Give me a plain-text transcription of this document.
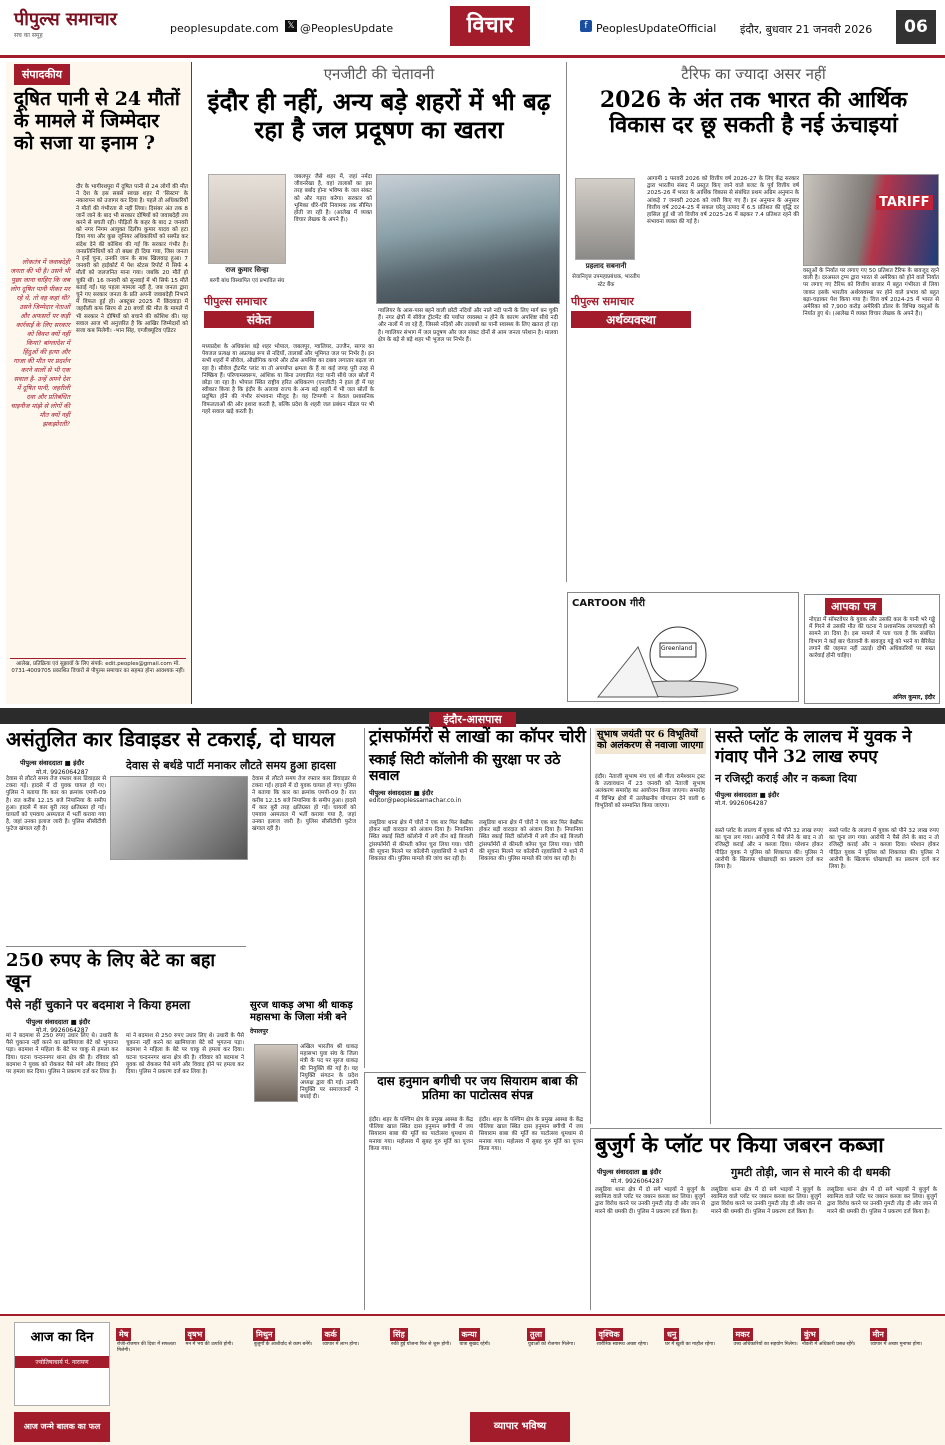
पीपुल्स समाचार
सच का समूह
peoplesupdate.com 𝕏 @PeoplesUpdate	विचार	f PeoplesUpdateOfficial इंदौर, बुधवार 21 जनवरी 2026	06
संपादकीय
दूषित पानी से 24 मौतों के मामले में जिम्मेदार को सजा या इनाम ?
लोकतंत्र में जवाबदेही जनता की भी है। उसने भी पूछा जाना चाहिए कि जब लोग दूषित पानी पीकर मर रहे थे, तो वह कहां थी? उसने जिम्मेदार नेताओं और अफसरों पर कड़ी कार्रवाई के लिए सरकार को विवश क्यों नहीं किया? बांग्लादेश में हिंदुओं की हत्या और गाजा की मौत पर प्रदर्शन करने वालों से भी एक सवाल है- उन्हें अपने देश में दूषित पानी, जहरीली दवा और प्रतिबंधित चाइनीज मांझे से लोगों की मौत क्यों नहीं झकझोरती?
दौर के भागीरथपुरा में दूषित पानी से 24 लोगों की मौत ने देश के इस सबसे स्वच्छ शहर में 'सिस्टम' के नकारापन को उजागर कर दिया है। पहले तो अधिकारियों ने मौतों की गंभीरता से नहीं लिया। दिसंबर अंत तक 8 जानें जाने के बाद भी सरकार दोषियों को जवाबदेही तय करने से बचती रही। पीड़ितों के कहर के बाद 2 जनवरी को नगर निगम आयुक्त दिलीप कुमार यादव को हटा दिया गया और कुछ जूनियर अधिकारियों को सस्पेंड कर संदेश देने की कोशिश की गई कि सरकार गंभीर है। जनप्रतिनिधियों को तो बख्श ही दिया गया, जिस जनता ने इन्हें चुना, उनकी जान के साथ खिलवाड़ हुआ। 7 जनवरी को हाईकोर्ट में पेश स्टेटस रिपोर्ट में सिर्फ 4 मौतों को जलजनित माना गया। जबकि 20 मौतें हो चुकी थीं। 16 जनवरी को सुनवाई में भी सिर्फ 15 मौतें बताई गईं। यह पहला मामला नहीं है, जब जनता द्वारा चुने गए सरकार जनता के प्रति अपनी जवाबदेही निभाने में विफल हुई हो। अक्टूबर 2025 में छिंदवाड़ा में जहरीली कफ सिरप से 20 बच्चों की मौत के मामले में भी सरकार ने दोषियों को बचाने की कोशिश की। यह सवाल आज भी अनुत्तरित है कि आखिर जिम्मेदारों को सजा कब मिलेगी। -भान सिंह, एग्जीक्यूटिव एडिटर
आलेख, प्रतिक्रिया एवं सुझावों के लिए संपर्क: edit.peoples@gmail.com मो. 0731-4009705 प्रकाशित विचारों से पीपुल्स समाचार का सहमत होना आवश्यक नहीं।
एनजीटी की चेतावनी
इंदौर ही नहीं, अन्य बड़े शहरों में भी बढ़ रहा है जल प्रदूषण का खतरा
राज कुमार सिन्हा
बरगी बांध विस्थापित एवं प्रभावित संघ
पीपुल्स समाचार
संकेत
मध्यप्रदेश के अधिकांश बड़े शहर भोपाल, जबलपुर, ग्वालियर, उज्जैन, सागर का पेयजल प्रत्यक्ष या अप्रत्यक्ष रूप से नदियों, तालाबों और भूमिगत जल पर निर्भर है। इन सभी शहरों में सीवेज, औद्योगिक कचरे और ठोस अपशिष्ट का दबाव लगातार बढ़ता जा रहा है। सीवेज ट्रीटमेंट प्लांट या तो अपर्याप्त क्षमता के हैं या कई जगह पूरी तरह से निष्क्रिय हैं। परिणामस्वरूप, आंशिक या बिना उपचारित गंदा पानी सीधे जल स्रोतों में छोड़ा जा रहा है। भोपाल स्थित राष्ट्रीय हरित अधिकरण (एनजीटी) ने हाल ही में यह स्वीकार किया है कि इंदौर के अलावा राज्य के अन्य बड़े शहरों में भी जल स्रोतों के प्रदूषित होने की गंभीर संभावना मौजूद है। यह टिप्पणी न केवल प्रशासनिक विफलताओं की ओर इशारा करती है, बल्कि प्रदेश के शहरी जल प्रबंधन मॉडल पर भी गहरे सवाल खड़े करती है।
जबलपुर जैसे शहर में, जहां नर्मदा जीवनरेखा है, वहां तालाबों का इस तरह बर्बाद होना भविष्य के जल संकट को और गहरा करेगा। सरकार को भूमिका धीरे-धीरे नियामक तक सीमित होती जा रही है। (आलेख में व्यक्त विचार लेखक के अपने हैं।)
ग्वालियर के आस-पास बहने वाली छोटी नदियों और नाले नदी पानी के लिए मार्ग बन चुकी हैं। नगर क्षेत्रों में सीवेज ट्रीटमेंट की पर्याप्त व्यवस्था न होने के कारण अपशिष्ट सीधे नदी और नालों में जा रहे हैं, जिससे नदियों और तालाबों का पानी स्वास्थ्य के लिए खतरा हो रहा है। ग्वालियर संभाग में जल प्रदूषण और जल संकट दोनों से आम जनता परेशान है। मालवा क्षेत्र के बड़े से बड़े शहर भी भूजल पर निर्भर हैं।
टैरिफ का ज्यादा असर नहीं
2026 के अंत तक भारत की आर्थिक विकास दर छू सकती है नई ऊंचाइयां
प्रहलाद सबनानी
सेवानिवृत्त उपमहाप्रबंधक, भारतीय स्टेट बैंक
पीपुल्स समाचार
अर्थव्यवस्था
आगामी 1 फरवरी 2026 को वित्तीय वर्ष 2026-27 के लिए केंद्र सरकार द्वारा भारतीय संसद में प्रस्तुत किए जाने वाले बजट के पूर्व वित्तीय वर्ष 2025-26 में भारत के आर्थिक विकास से संबंधित प्रथम अग्रिम अनुमान के आंकड़े 7 जनवरी 2026 को जारी किए गए हैं। इन अनुमान के अनुसार वित्तीय वर्ष 2024-25 में सकल घरेलू उत्पाद में 6.5 प्रतिशत की वृद्धि दर हासिल हुई थी जो वित्तीय वर्ष 2025-26 में बढ़कर 7.4 प्रतिशत रहने की संभावना व्यक्त की गई है।
TARIFF
वस्तुओं के निर्यात पर लगाए गए 50 प्रतिशत टैरिफ के बावजूद रहने वाली है। दरअसल ट्रम्प द्वारा भारत से अमेरिका को होने वाले निर्यात पर लगाए गए टैरिफ को वित्तीय बाजार में बहुत गंभीरता से लिया जाकर इसके भारतीय अर्थव्यवस्था पर होने वाले प्रभाव को बहुत बढ़ा-चढ़ाकर पेश किया गया है। वित्त वर्ष 2024-25 में भारत से अमेरिका को 7,900 करोड़ अमेरिकी डॉलर के विभिन्न वस्तुओं के निर्यात हुए थे। (आलेख में व्यक्त विचार लेखक के अपने हैं।)
CARTOON गीरी
Greenland
आपका पत्र
नोएडा में सॉफ्टवेयर के युवक और उसकी कार के पानी भरे गड्ढे में गिरने से उसकी मौत की घटना ने प्रशासनिक लापरवाही को सामने ला दिया है। इस मामले में पता चला है कि संबंधित विभाग ने कई बार चेतावनी के बावजूद गड्ढे को भरने या बैरिकेड लगाने की जहमत नहीं उठाई। दोषी अधिकारियों पर सख्त कार्रवाई होनी चाहिए।
अनिल कुमार, इंदौर
इंदौर-आसपास
असंतुलित कार डिवाइडर से टकराई, दो घायल
देवास से बर्थडे पार्टी मनाकर लौटते समय हुआ हादसा
पीपुल्स संवाददाता ■ इंदौर
मो.नं. 9926064287
देवास से लौटते समय तेज रफ्तार कार डिवाइडर से टकरा गई। हादसे में दो युवक घायल हो गए। पुलिस ने बताया कि कार का क्रमांक एमपी-09 है। रात करीब 12.15 बजे निपानिया के समीप हुआ। हादसे में कार बुरी तरह क्षतिग्रस्त हो गई। घायलों को एमवाय अस्पताल में भर्ती कराया गया है, जहां उनका इलाज जारी है। पुलिस सीसीटीवी फुटेज खंगाल रही है।
देवास से लौटते समय तेज रफ्तार कार डिवाइडर से टकरा गई। हादसे में दो युवक घायल हो गए। पुलिस ने बताया कि कार का क्रमांक एमपी-09 है। रात करीब 12.15 बजे निपानिया के समीप हुआ। हादसे में कार बुरी तरह क्षतिग्रस्त हो गई। घायलों को एमवाय अस्पताल में भर्ती कराया गया है, जहां उनका इलाज जारी है। पुलिस सीसीटीवी फुटेज खंगाल रही है।
250 रुपए के लिए बेटे का बहा खून
पैसे नहीं चुकाने पर बदमाश ने किया हमला
पीपुल्स संवाददाता ■ इंदौर
मो.नं. 9926064287
मां ने बदमाश से 250 रुपए उधार लिए थे। उधारी के पैसे चुकाना नहीं करने का खामियाजा बेटे को भुगतना पड़ा। बदमाश ने महिला के बेटे पर चाकू से हमला कर दिया। घटना चन्दननगर थाना क्षेत्र की है। रविवार को बदमाश ने युवक को रोककर पैसे मांगे और विवाद होने पर हमला कर दिया। पुलिस ने प्रकरण दर्ज कर लिया है।
मां ने बदमाश से 250 रुपए उधार लिए थे। उधारी के पैसे चुकाना नहीं करने का खामियाजा बेटे को भुगतना पड़ा। बदमाश ने महिला के बेटे पर चाकू से हमला कर दिया। घटना चन्दननगर थाना क्षेत्र की है। रविवार को बदमाश ने युवक को रोककर पैसे मांगे और विवाद होने पर हमला कर दिया। पुलिस ने प्रकरण दर्ज कर लिया है।
सुरज धाकड़ अभा श्री धाकड़ महासभा के जिला मंत्री बने
देपालपुर
अखिल भारतीय श्री धाकड़ महासभा युवा संघ के जिला मंत्री के पद पर सुरज धाकड़ की नियुक्ति की गई है। यह नियुक्ति संगठन के प्रदेश अध्यक्ष द्वारा की गई। उनकी नियुक्ति पर समाजजनों ने बधाई दी।
ट्रांसफॉर्मरों से लाखों का कॉपर चोरी
स्काई सिटी कॉलोनी की सुरक्षा पर उठे सवाल
पीपुल्स संवाददाता ■ इंदौर
editor@peoplessamachar.co.in
लसूडिया थाना क्षेत्र में चोरों ने एक बार फिर बेखौफ होकर बड़ी वारदात को अंजाम दिया है। निपानिया स्थित स्काई सिटी कॉलोनी में लगे तीन बड़े बिजली ट्रांसफॉर्मरों से कीमती कॉपर चुरा लिया गया। चोरी की सूचना मिलने पर कॉलोनी रहवासियों ने थाने में शिकायत की। पुलिस मामले की जांच कर रही है।
लसूडिया थाना क्षेत्र में चोरों ने एक बार फिर बेखौफ होकर बड़ी वारदात को अंजाम दिया है। निपानिया स्थित स्काई सिटी कॉलोनी में लगे तीन बड़े बिजली ट्रांसफॉर्मरों से कीमती कॉपर चुरा लिया गया। चोरी की सूचना मिलने पर कॉलोनी रहवासियों ने थाने में शिकायत की। पुलिस मामले की जांच कर रही है।
दास हनुमान बगीची पर जय सियाराम बाबा की प्रतिमा का पाटोत्सव संपन्न
इंदौर। शहर के पश्चिम क्षेत्र के प्रमुख आस्था के केंद्र पीलिया खाल स्थित दास हनुमान बगीची में जय सियाराम बाबा की मूर्ति का पाटोत्सव धूमधाम से मनाया गया। महोत्सव में सुबह गुरु मूर्ति का पूजन किया गया।
इंदौर। शहर के पश्चिम क्षेत्र के प्रमुख आस्था के केंद्र पीलिया खाल स्थित दास हनुमान बगीची में जय सियाराम बाबा की मूर्ति का पाटोत्सव धूमधाम से मनाया गया। महोत्सव में सुबह गुरु मूर्ति का पूजन किया गया।
सुभाष जयंती पर 6 विभूतियों को अलंकरण से नवाजा जाएगा
इंदौर। नेताजी सुभाष मंच एवं श्री गीता रामेश्वरम ट्रस्ट के तत्वावधान में 23 जनवरी को नेताजी सुभाष अलंकरण समारोह का आयोजन किया जाएगा। समारोह में विभिन्न क्षेत्रों में उल्लेखनीय योगदान देने वाली 6 विभूतियों को सम्मानित किया जाएगा।
सस्ते प्लॉट के लालच में युवक ने गंवाए पौने 32 लाख रुपए
न रजिस्ट्री कराई और न कब्जा दिया
पीपुल्स संवाददाता ■ इंदौर
मो.नं. 9926064287
सस्ते प्लॉट के लालच में युवक को पौने 32 लाख रुपए का चूना लग गया। आरोपी ने पैसे लेने के बाद न तो रजिस्ट्री कराई और न कब्जा दिया। परेशान होकर पीड़ित युवक ने पुलिस को शिकायत की। पुलिस ने आरोपी के खिलाफ धोखाधड़ी का प्रकरण दर्ज कर लिया है।
सस्ते प्लॉट के लालच में युवक को पौने 32 लाख रुपए का चूना लग गया। आरोपी ने पैसे लेने के बाद न तो रजिस्ट्री कराई और न कब्जा दिया। परेशान होकर पीड़ित युवक ने पुलिस को शिकायत की। पुलिस ने आरोपी के खिलाफ धोखाधड़ी का प्रकरण दर्ज कर लिया है।
बुजुर्ग के प्लॉट पर किया जबरन कब्जा
गुमटी तोड़ी, जान से मारने की दी धमकी
पीपुल्स संवाददाता ■ इंदौर
मो.नं. 9926064287
लसूडिया थाना क्षेत्र में दो सगे भाइयों ने बुजुर्ग के स्वामित्व वाले प्लॉट पर जबरन कब्जा कर लिया। बुजुर्ग द्वारा विरोध करने पर उनकी गुमटी तोड़ दी और जान से मारने की धमकी दी। पुलिस ने प्रकरण दर्ज किया है।
लसूडिया थाना क्षेत्र में दो सगे भाइयों ने बुजुर्ग के स्वामित्व वाले प्लॉट पर जबरन कब्जा कर लिया। बुजुर्ग द्वारा विरोध करने पर उनकी गुमटी तोड़ दी और जान से मारने की धमकी दी। पुलिस ने प्रकरण दर्ज किया है।
लसूडिया थाना क्षेत्र में दो सगे भाइयों ने बुजुर्ग के स्वामित्व वाले प्लॉट पर जबरन कब्जा कर लिया। बुजुर्ग द्वारा विरोध करने पर उनकी गुमटी तोड़ दी और जान से मारने की धमकी दी। पुलिस ने प्रकरण दर्ज किया है।
आज का दिन
ज्योतिषाचार्य पं. नारायण
आज जन्मे बालक का फल
मेष
रोजी-रोजगार की दिशा में सफलता मिलेगी।
वृषभ
मन में भय की उत्पत्ति होगी।
मिथुन
बुजुर्गों के आशीर्वाद से काम बनेंगे।
कर्क
व्यापार में लाभ होगा।
सिंह
रुकी हुई योजना फिर से शुरू होगी।
कन्या
यात्रा सुखद रहेगी।
तुला
युवाओं को रोजगार मिलेगा।
वृश्चिक
शारीरिक स्वास्थ्य अच्छा रहेगा।
धनु
घर में खुशी का माहौल रहेगा।
मकर
उच्च अधिकारियों का सहयोग मिलेगा।
कुंभ
नौकरी में अधिकारी प्रसन्न रहेंगे।
मीन
व्यापार में अच्छा मुनाफा होगा।
व्यापार भविष्य
